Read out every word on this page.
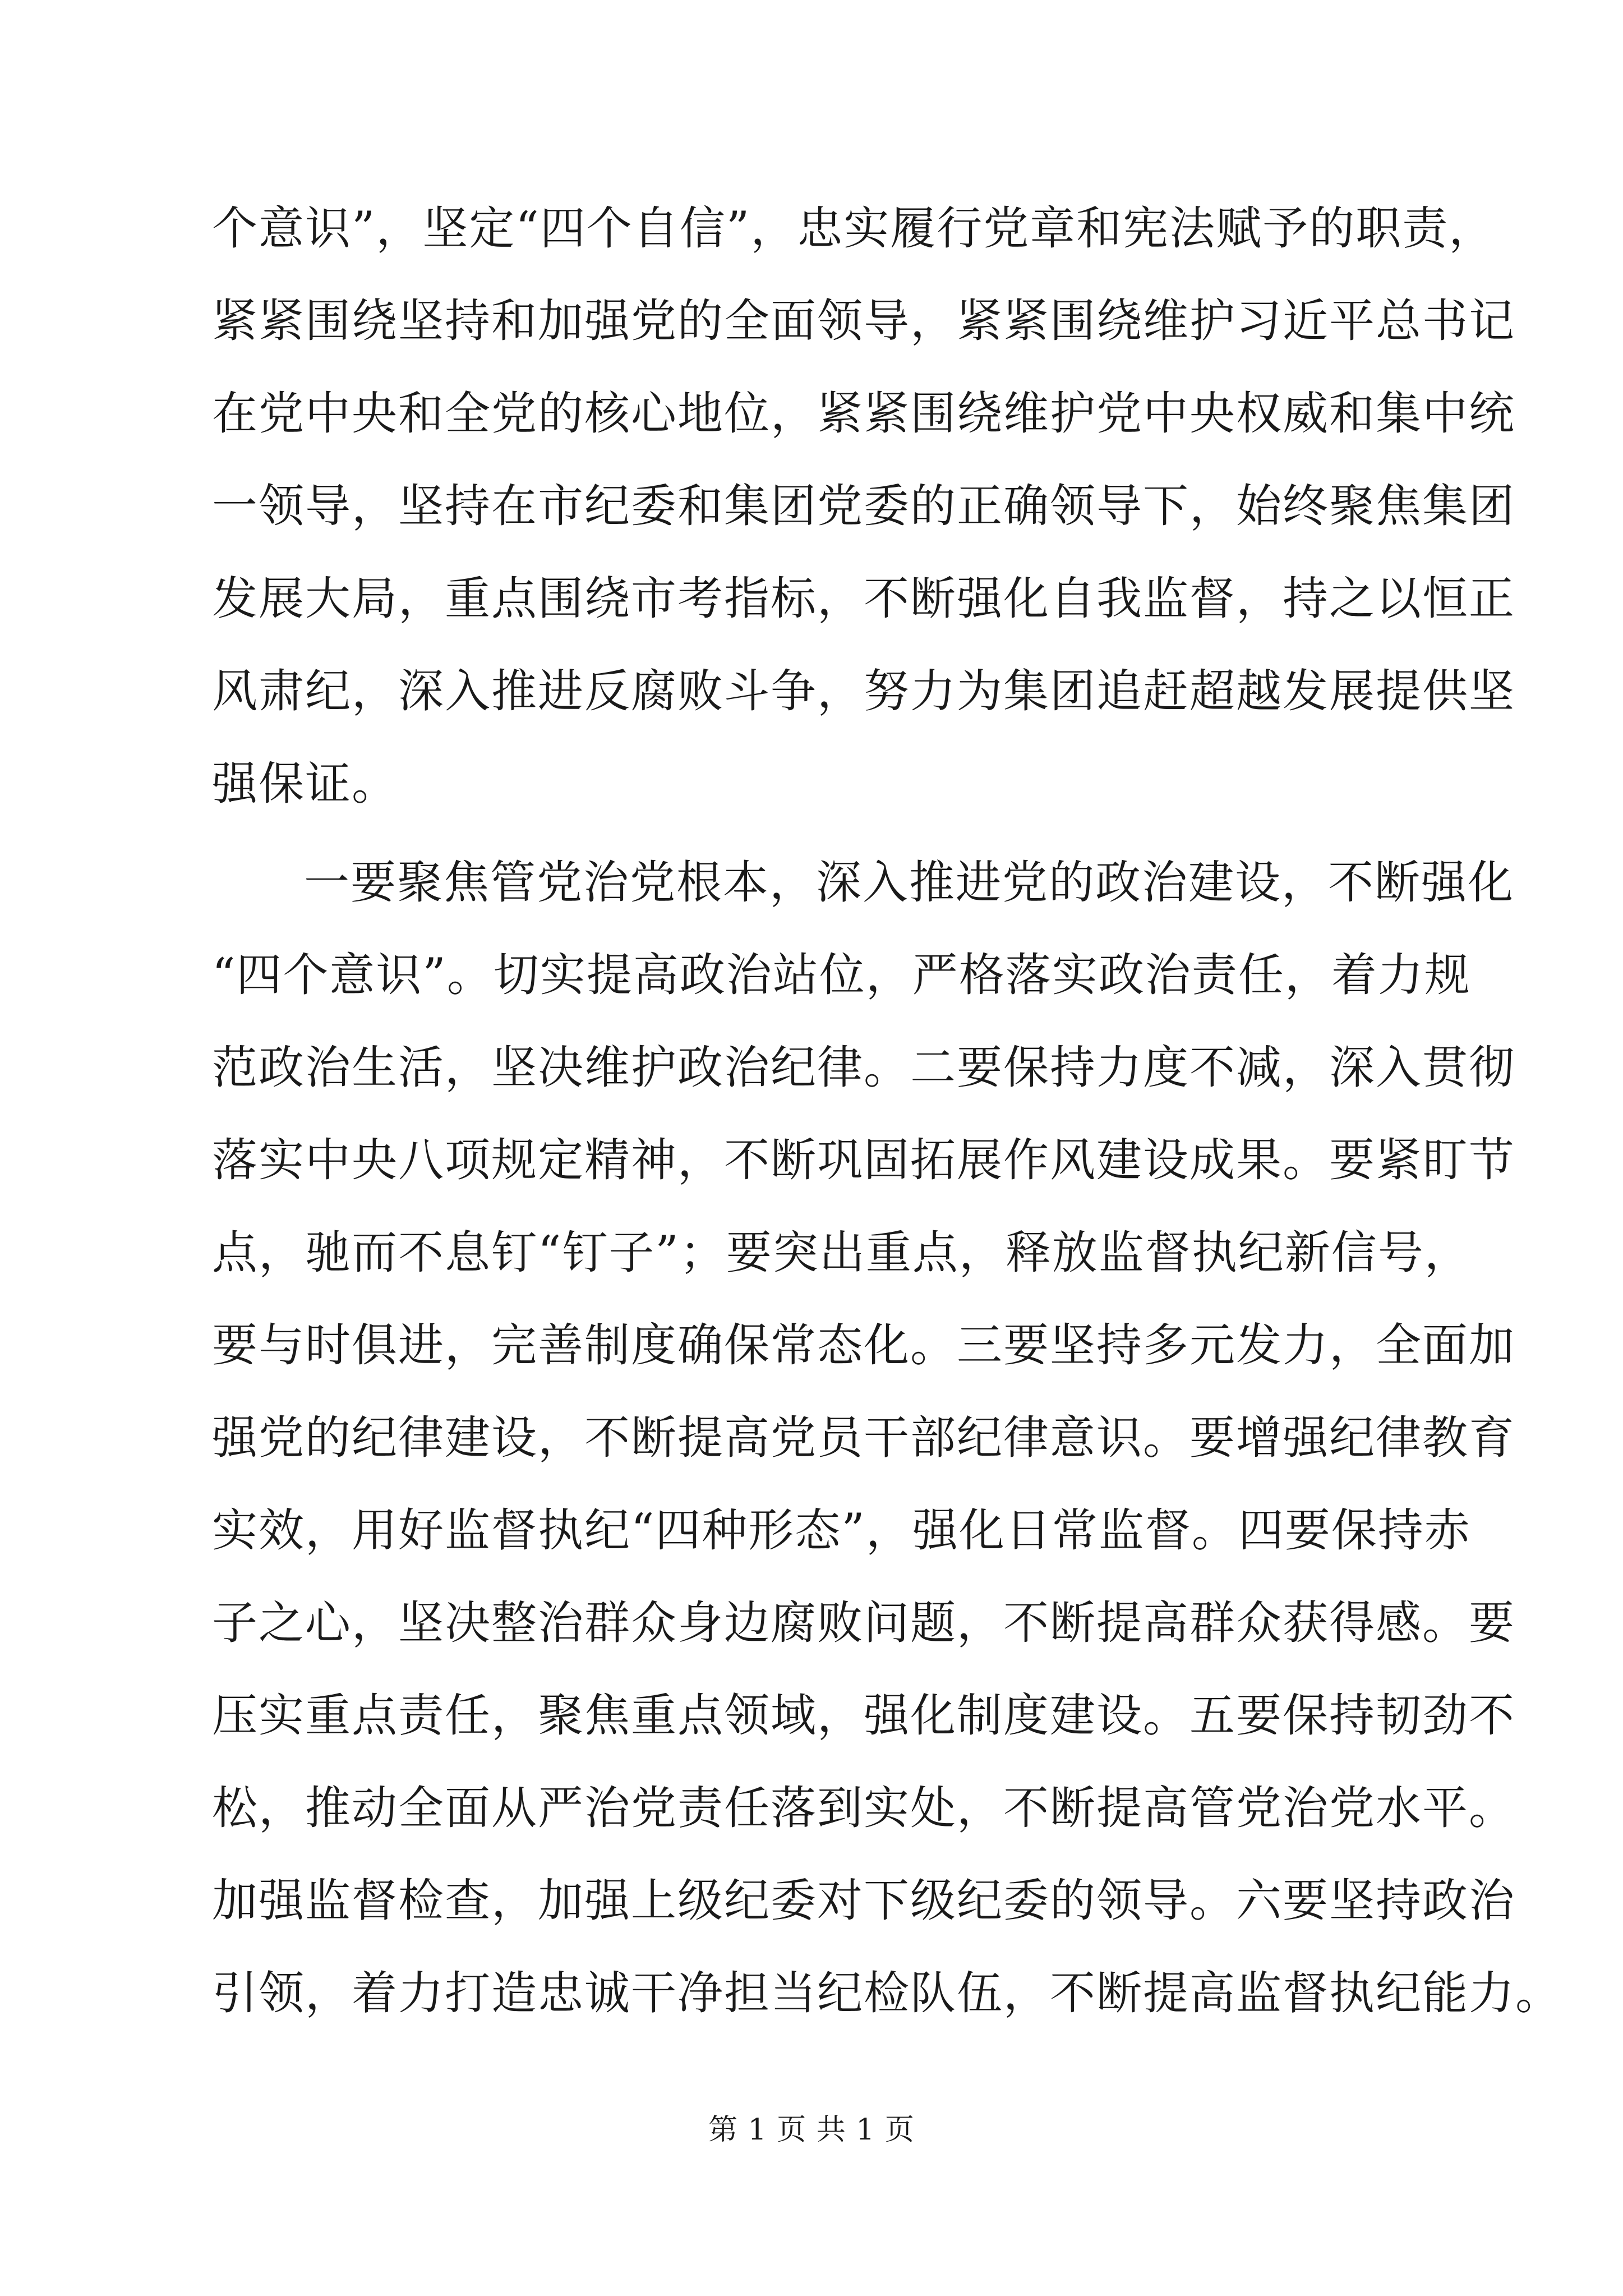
个意识”，坚定“四个自信”，忠实履行党章和宪法赋予的职责，
紧紧围绕坚持和加强党的全面领导，紧紧围绕维护习近平总书记
在党中央和全党的核心地位，紧紧围绕维护党中央权威和集中统
一领导，坚持在市纪委和集团党委的正确领导下，始终聚焦集团
发展大局，重点围绕市考指标，不断强化自我监督，持之以恒正
风肃纪，深入推进反腐败斗争，努力为集团追赶超越发展提供坚
强保证。
一要聚焦管党治党根本，深入推进党的政治建设，不断强化
“四个意识”。切实提高政治站位，严格落实政治责任，着力规
范政治生活，坚决维护政治纪律。二要保持力度不减，深入贯彻
落实中央八项规定精神，不断巩固拓展作风建设成果。要紧盯节
点，驰而不息钉“钉子”；要突出重点，释放监督执纪新信号，
要与时俱进，完善制度确保常态化。三要坚持多元发力，全面加
强党的纪律建设，不断提高党员干部纪律意识。要增强纪律教育
实效，用好监督执纪“四种形态”，强化日常监督。四要保持赤
子之心，坚决整治群众身边腐败问题，不断提高群众获得感。要
压实重点责任，聚焦重点领域，强化制度建设。五要保持韧劲不
松，推动全面从严治党责任落到实处，不断提高管党治党水平。
加强监督检查，加强上级纪委对下级纪委的领导。六要坚持政治
引领，着力打造忠诚干净担当纪检队伍，不断提高监督执纪能力。
第 1 页 共 1 页
